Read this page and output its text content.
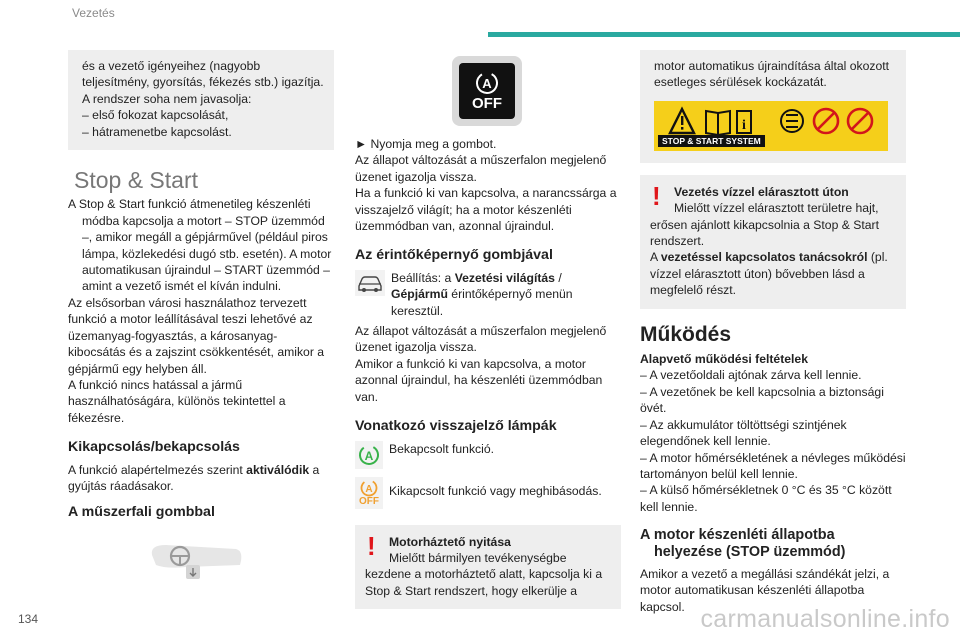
Vezetés
134

és a vezető igényeihez (nagyobb teljesítmény, gyorsítás, fékezés stb.) igazítja.

A rendszer soha nem javasolja:

– első fokozat kapcsolását,

– hátramenetbe kapcsolást.

Stop & Start

A Stop & Start funkció átmenetileg készenléti módba kapcsolja a motort – STOP üzemmód –, amikor megáll a gépjárművel (például piros lámpa, közlekedési dugó stb. esetén). A motor automatikusan újraindul – START üzemmód – amint a vezető ismét el kíván indulni.

Az elsősorban városi használathoz tervezett funkció a motor leállításával teszi lehetővé az üzemanyag-fogyasztás, a károsanyag-kibocsátás és a zajszint csökkentését, amikor a gépjármű egy helyben áll.

A funkció nincs hatással a jármű használhatóságára, különös tekintettel a fékezésre.

Kikapcsolás/bekapcsolás

A funkció alapértelmezés szerint aktiválódik a gyújtás ráadásakor.

A műszerfali gombbal
A
OFF

► Nyomja meg a gombot.

Az állapot változását a műszerfalon megjelenő üzenet igazolja vissza.

Ha a funkció ki van kapcsolva, a narancssárga a visszajelző világít; ha a motor készenléti üzemmódban van, azonnal újraindul.

Az érintőképernyő gombjával

Beállítás: a Vezetési világítás / Gépjármű érintőképernyő menün keresztül.

Az állapot változását a műszerfalon megjelenő üzenet igazolja vissza.

Amikor a funkció ki van kapcsolva, a motor azonnal újraindul, ha készenléti üzemmódban van.

Vonatkozó visszajelző lámpák
A Bekapcsolt funkció.

A
OFF

Kikapcsolt funkció vagy meghibásodás.

!	Motorháztető nyitása

Mielőtt bármilyen tevékenységbe kezdene a motorháztető alatt, kapcsolja ki a Stop & Start rendszert, hogy elkerülje a

motor automatikus újraindítása által okozott esetleges sérülések kockázatát.

i
STOP & START SYSTEM
!	Vezetés vízzel elárasztott úton

Mielőtt vízzel elárasztott területre hajt, erősen ajánlott kikapcsolnia a Stop & Start rendszert.

A vezetéssel kapcsolatos tanácsokról (pl. vízzel elárasztott úton) bővebben lásd a megfelelő részt.

Működés

Alapvető működési feltételek

– A vezetőoldali ajtónak zárva kell lennie.

– A vezetőnek be kell kapcsolnia a biztonsági övét.

– Az akkumulátor töltöttségi szintjének elegendőnek kell lennie.

– A motor hőmérsékletének a névleges működési tartományon belül kell lennie.

– A külső hőmérsékletnek 0 °C és 35 °C között kell lennie.

A motor készenléti állapotba helyezése (STOP üzemmód)

Amikor a vezető a megállási szándékát jelzi, a motor automatikusan készenléti állapotba kapcsol. carmanualsonline.info
